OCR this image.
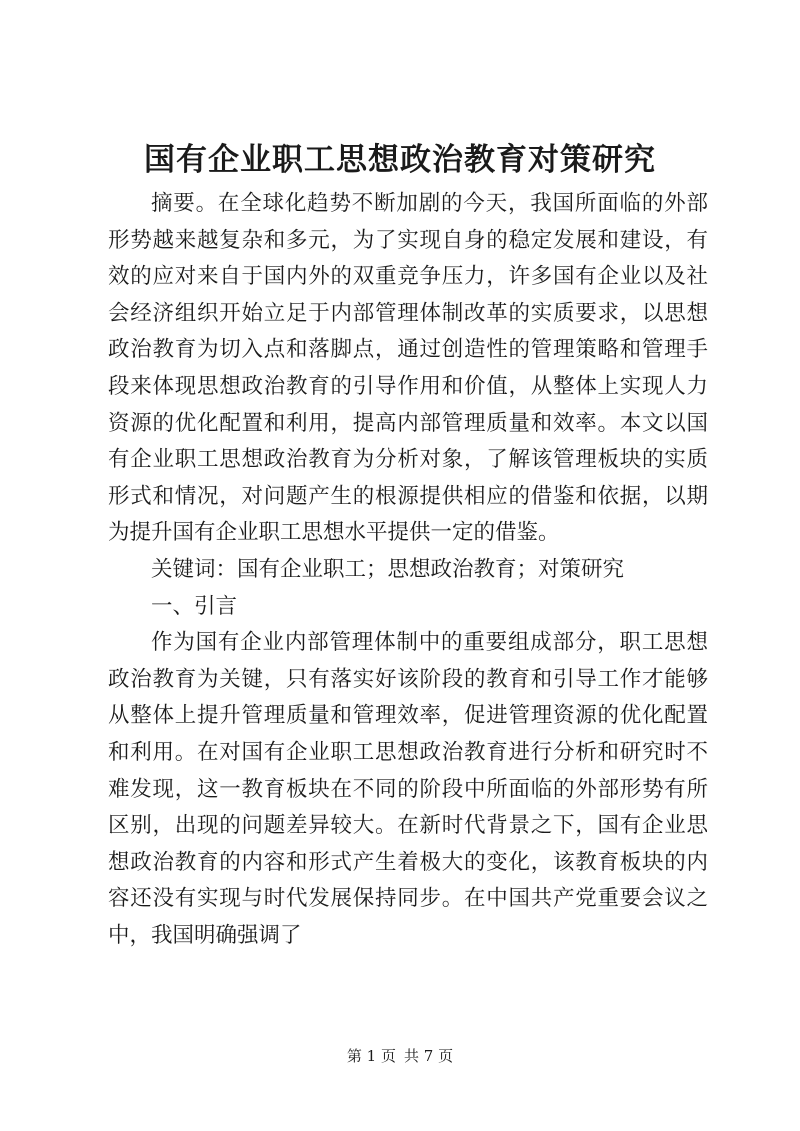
国有企业职工思想政治教育对策研究

摘要。在全球化趋势不断加剧的今天，我国所面临的外部形势越来越复杂和多元，为了实现自身的稳定发展和建设，有效的应对来自于国内外的双重竞争压力，许多国有企业以及社会经济组织开始立足于内部管理体制改革的实质要求，以思想政治教育为切入点和落脚点，通过创造性的管理策略和管理手段来体现思想政治教育的引导作用和价值，从整体上实现人力资源的优化配置和利用，提高内部管理质量和效率。本文以国有企业职工思想政治教育为分析对象，了解该管理板块的实质形式和情况，对问题产生的根源提供相应的借鉴和依据，以期为提升国有企业职工思想水平提供一定的借鉴。

关键词：国有企业职工；思想政治教育；对策研究

一、引言

作为国有企业内部管理体制中的重要组成部分，职工思想政治教育为关键，只有落实好该阶段的教育和引导工作才能够从整体上提升管理质量和管理效率，促进管理资源的优化配置和利用。在对国有企业职工思想政治教育进行分析和研究时不难发现，这一教育板块在不同的阶段中所面临的外部形势有所区别，出现的问题差异较大。在新时代背景之下，国有企业思想政治教育的内容和形式产生着极大的变化，该教育板块的内容还没有实现与时代发展保持同步。在中国共产党重要会议之中，我国明确强调了

第 1 页 共 7 页
